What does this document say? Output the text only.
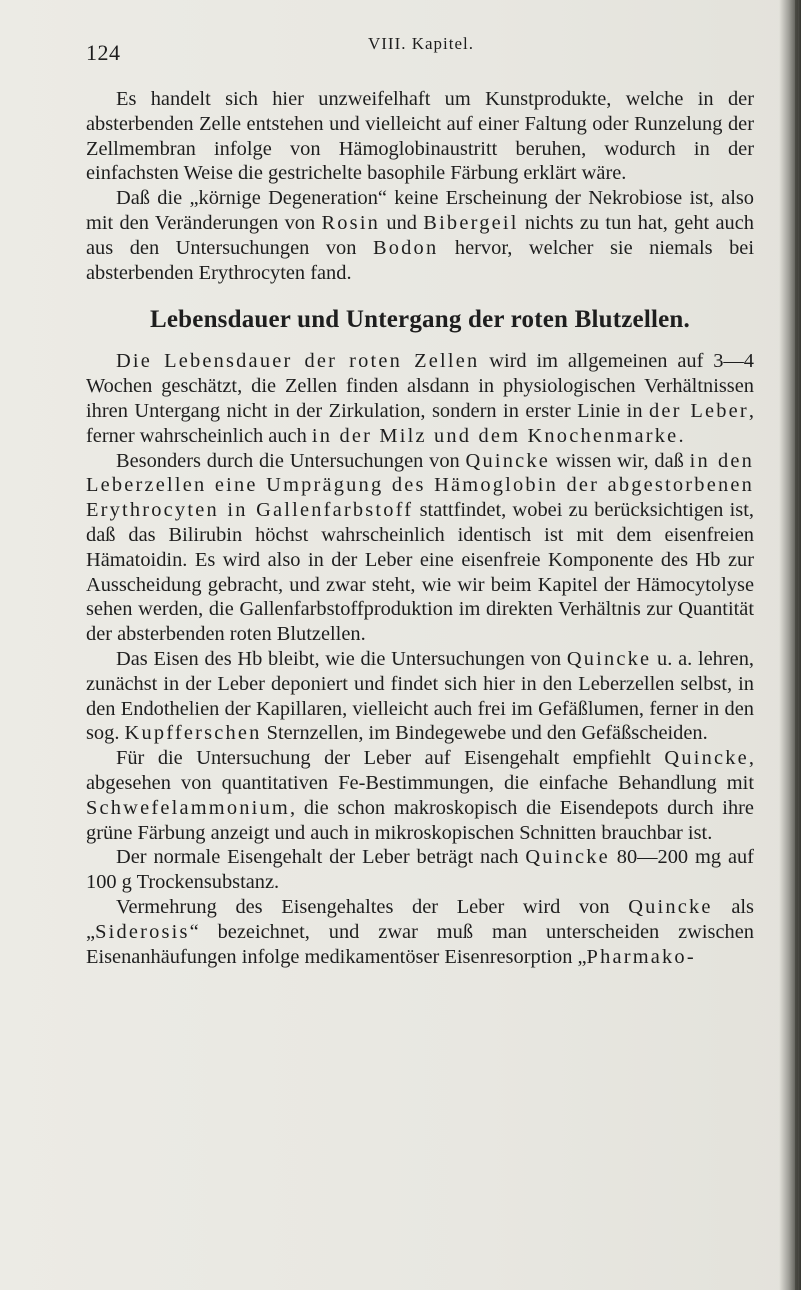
124	VIII. Kapitel.

Es handelt sich hier unzweifelhaft um Kunstprodukte, welche in der absterbenden Zelle entstehen und vielleicht auf einer Faltung oder Runzelung der Zellmembran infolge von Hämoglobinaustritt beruhen, wodurch in der einfachsten Weise die gestrichelte basophile Färbung erklärt wäre.

Daß die „körnige Degeneration“ keine Erscheinung der Nekrobiose ist, also mit den Veränderungen von Rosin und Bibergeil nichts zu tun hat, geht auch aus den Untersuchungen von Bodon hervor, welcher sie niemals bei absterbenden Erythrocyten fand.

Lebensdauer und Untergang der roten Blutzellen.

Die Lebensdauer der roten Zellen wird im allgemeinen auf 3—4 Wochen geschätzt, die Zellen finden alsdann in physiologischen Verhältnissen ihren Untergang nicht in der Zirkulation, sondern in erster Linie in der Leber, ferner wahrscheinlich auch in der Milz und dem Knochenmarke.

Besonders durch die Untersuchungen von Quincke wissen wir, daß in den Leberzellen eine Umprägung des Hämoglobin der abgestorbenen Erythrocyten in Gallenfarbstoff stattfindet, wobei zu berücksichtigen ist, daß das Bilirubin höchst wahrscheinlich identisch ist mit dem eisenfreien Hämatoidin. Es wird also in der Leber eine eisenfreie Komponente des Hb zur Ausscheidung gebracht, und zwar steht, wie wir beim Kapitel der Hämocytolyse sehen werden, die Gallenfarbstoffproduktion im direkten Verhältnis zur Quantität der absterbenden roten Blutzellen.

Das Eisen des Hb bleibt, wie die Untersuchungen von Quincke u. a. lehren, zunächst in der Leber deponiert und findet sich hier in den Leberzellen selbst, in den Endothelien der Kapillaren, vielleicht auch frei im Gefäßlumen, ferner in den sog. Kupfferschen Sternzellen, im Bindegewebe und den Gefäßscheiden.

Für die Untersuchung der Leber auf Eisengehalt empfiehlt Quincke, abgesehen von quantitativen Fe-Bestimmungen, die einfache Behandlung mit Schwefelammonium, die schon makroskopisch die Eisendepots durch ihre grüne Färbung anzeigt und auch in mikroskopischen Schnitten brauchbar ist.

Der normale Eisengehalt der Leber beträgt nach Quincke 80—200 mg auf 100 g Trockensubstanz.

Vermehrung des Eisengehaltes der Leber wird von Quincke als „Siderosis“ bezeichnet, und zwar muß man unterscheiden zwischen Eisenanhäufungen infolge medikamentöser Eisenresorption „Pharmako-
